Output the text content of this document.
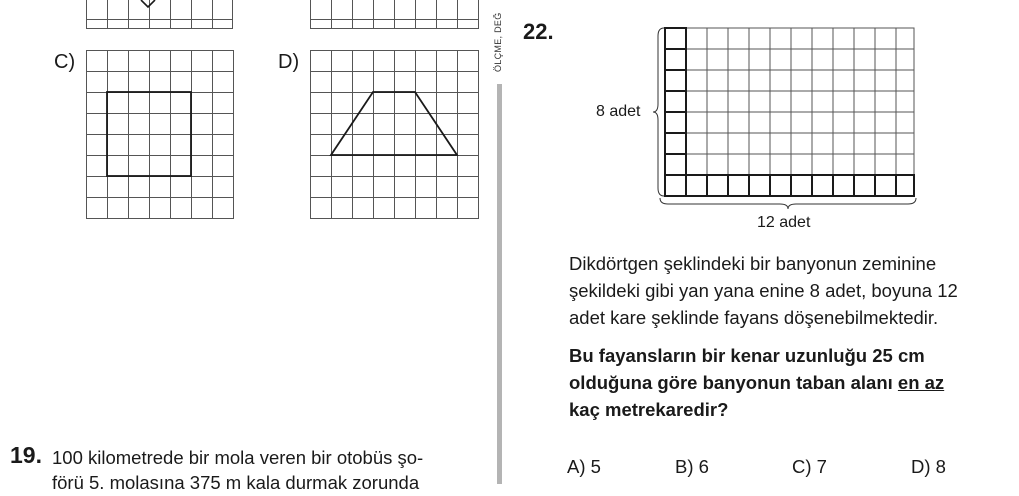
C)	D)
19. 100 kilometrede bir mola veren bir otobüs şo-
förü 5. molasına 375 m kala durmak zorunda
ÖLÇME, DEĞ 22.
8 adet
12 adet
Dikdörtgen şeklindeki bir banyonun zeminine
şekildeki gibi yan yana enine 8 adet, boyuna 12
adet kare şeklinde fayans döşenebilmektedir.
Bu fayansların bir kenar uzunluğu 25 cm
olduğuna göre banyonun taban alanı en az
kaç metrekaredir?
A) 5	B) 6	C) 7	D) 8
